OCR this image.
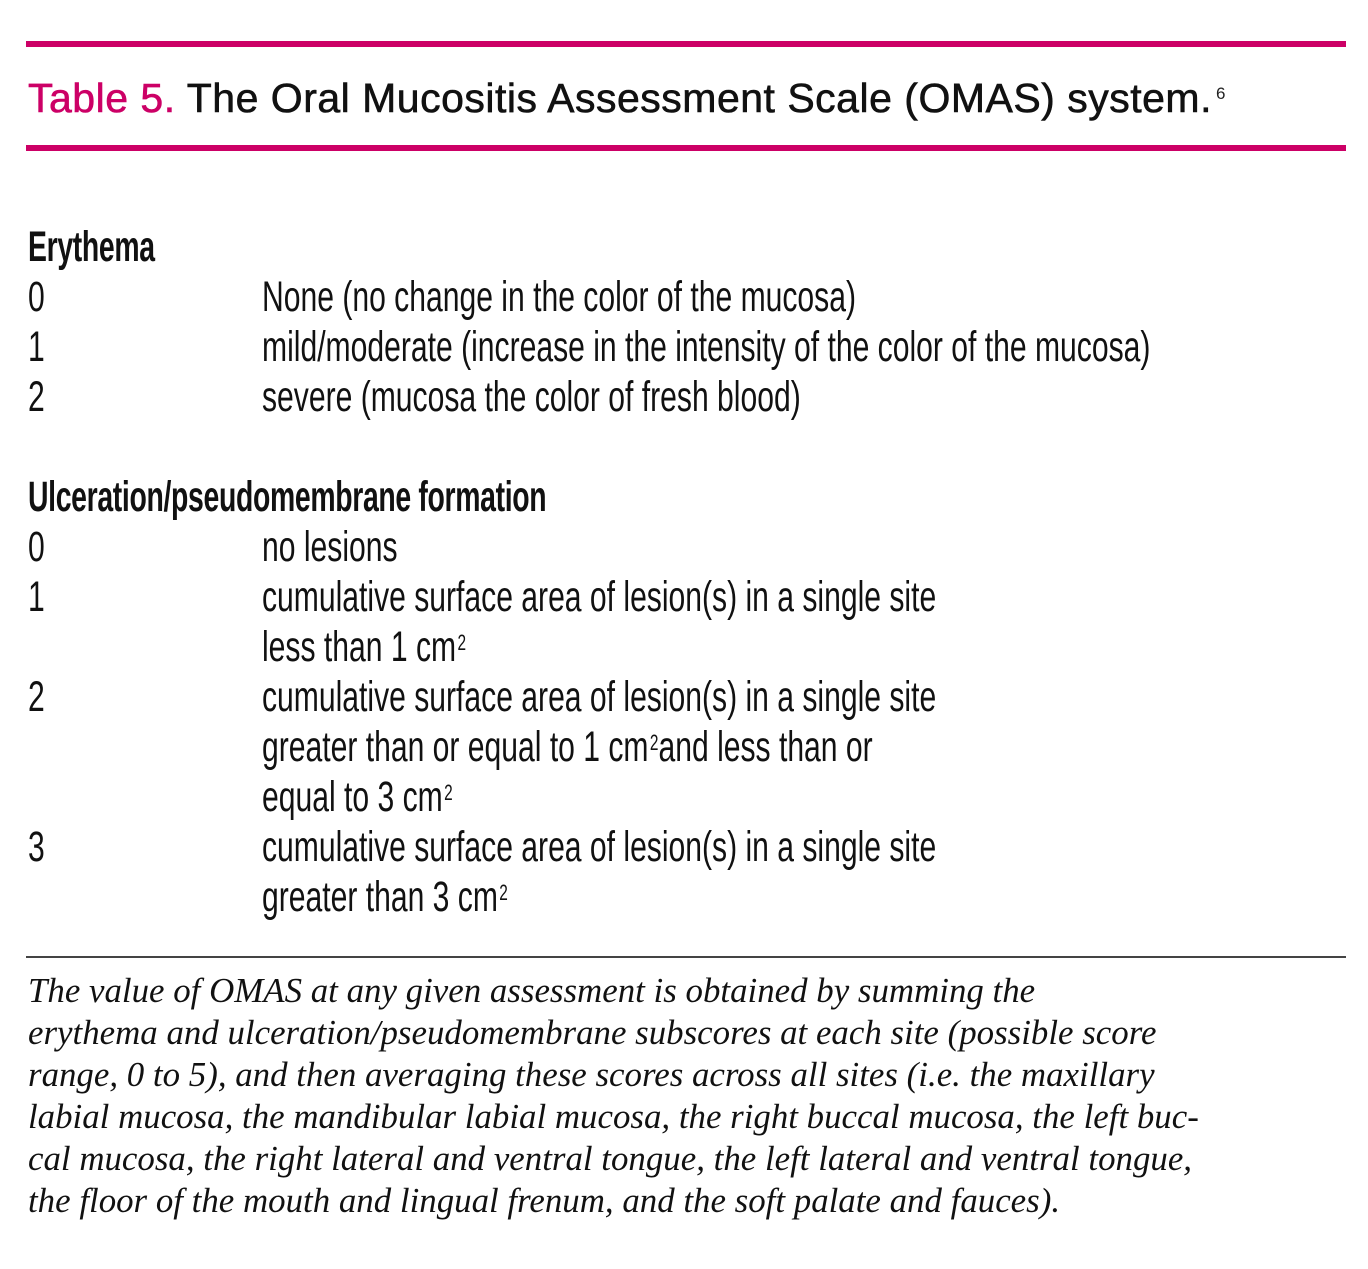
Table 5. The Oral Mucositis Assessment Scale (OMAS) system. $^6$
Erythema
0	None (no change in the color of the mucosa)
1	mild/moderate (increase in the intensity of the color of the mucosa)
2	severe (mucosa the color of fresh blood)
Ulceration/pseudomembrane formation
0	no lesions
1	cumulative surface area of lesion(s) in a single site
less than 1 $cm^2$
2	cumulative surface area of lesion(s) in a single site
greater than or equal to 1 $cm^2and$ less than or
equal to 3 $cm^2$
3	cumulative surface area of lesion(s) in a single site
greater than 3 $cm^2$
The value of OMAS at any given assessment is obtained by summing the
erythema and ulceration/pseudomembrane subscores at each site (possible score
range, 0 to 5), and then averaging these scores across all sites (i.e. the maxillary
labial mucosa, the mandibular labial mucosa, the right buccal mucosa, the left buc-
cal mucosa, the right lateral and ventral tongue, the left lateral and ventral tongue,
the floor of the mouth and lingual frenum, and the soft palate and fauces).
